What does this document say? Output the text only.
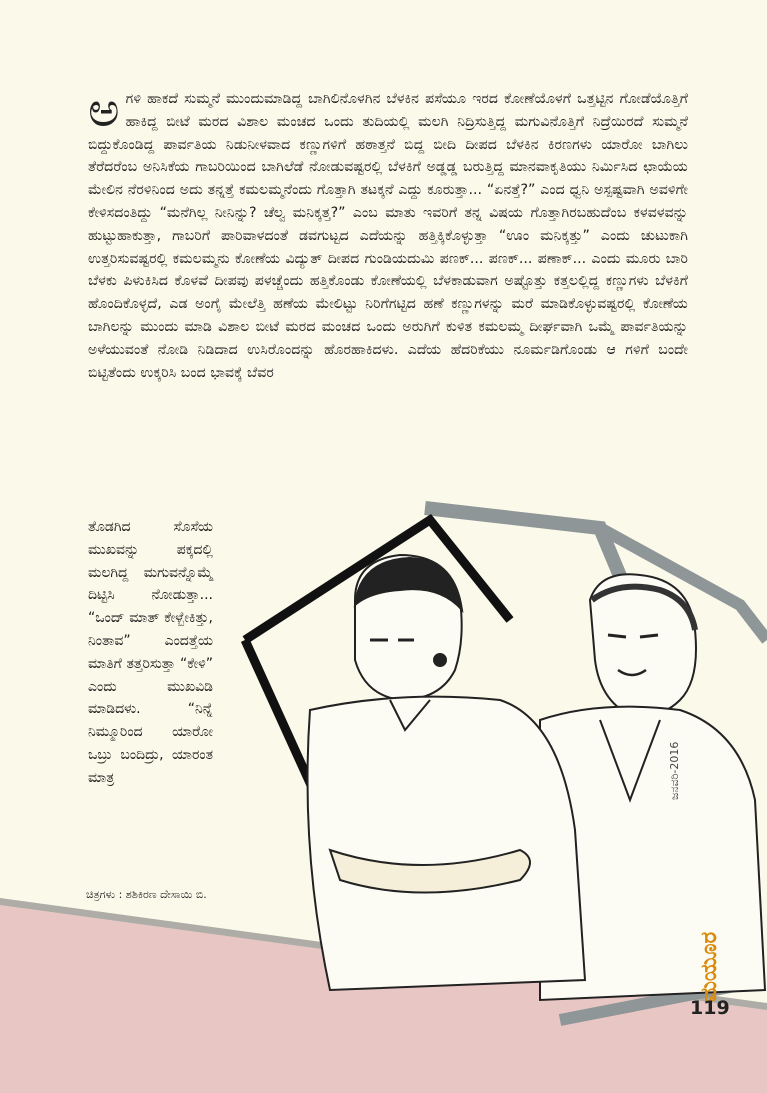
ಅ ಗಳಿ ಹಾಕದೆ ಸುಮ್ಮನೆ ಮುಂದುಮಾಡಿದ್ದ ಬಾಗಿಲಿನೊಳಗಿನ ಬೆಳಕಿನ ಪಸೆಯೂ ಇರದ ಕೋಣೆಯೊಳಗೆ ಒತ್ತಟ್ಟಿನ ಗೋಡೆಯೊತ್ತಿಗೆ ಹಾಕಿದ್ದ ಬೀಟೆ ಮರದ ವಿಶಾಲ ಮಂಚದ ಒಂದು ತುದಿಯಲ್ಲಿ ಮಲಗಿ ನಿದ್ರಿಸುತ್ತಿದ್ದ ಮಗುವಿನೊತ್ತಿಗೆ ನಿದ್ರೆಯಿರದೆ ಸುಮ್ಮನೆ ಬಿದ್ದುಕೊಂಡಿದ್ದ ಪಾರ್ವತಿಯ ನಿಡುನೀಳವಾದ ಕಣ್ಣುಗಳಿಗೆ ಹಠಾತ್ತನೆ ಬಿದ್ದ ಬೀದಿ ದೀಪದ ಬೆಳಕಿನ ಕಿರಣಗಳು ಯಾರೋ ಬಾಗಿಲು ತೆರೆದರೆಂಬ ಅನಿಸಿಕೆಯ ಗಾಬರಿಯಿಂದ ಬಾಗಿಲೆಡೆ ನೋಡುವಷ್ಟರಲ್ಲಿ ಬೆಳಕಿಗೆ ಅಡ್ಡಡ್ಡ ಬರುತ್ತಿದ್ದ ಮಾನವಾಕೃತಿಯು ನಿರ್ಮಿಸಿದ ಛಾಯೆಯ ಮೇಲಿನ ನೆರಳಿನಿಂದ ಅದು ತನ್ನತ್ತೆ ಕಮಲಮ್ಮನೆಂದು ಗೊತ್ತಾಗಿ ತಟಕ್ಕನೆ ಎದ್ದು ಕೂರುತ್ತಾ... “ಏನತ್ತೆ?” ಎಂದ ಧ್ವನಿ ಅಸ್ಪಷ್ಟವಾಗಿ ಅವಳಿಗೇ ಕೇಳಿಸದಂತಿದ್ದು “ಮನೆಗಿಲ್ಲ ನೀನಿನ್ನು? ಚೆಲ್ವ ಮನಿಕ್ಕತ್ತ?” ಎಂಬ ಮಾತು ಇವರಿಗೆ ತನ್ನ ವಿಷಯ ಗೊತ್ತಾಗಿರಬಹುದೆಂಬ ಕಳವಳವನ್ನು ಹುಟ್ಟುಹಾಕುತ್ತಾ, ಗಾಬರಿಗೆ ಪಾರಿವಾಳದಂತೆ ಡವಗುಟ್ಟದ ಎದೆಯನ್ನು ಹತ್ತಿಕ್ಕಿಕೊಳ್ಳುತ್ತಾ “ಊಂ ಮನಿಕ್ಕತ್ತು” ಎಂದು ಚುಟುಕಾಗಿ ಉತ್ತರಿಸುವಷ್ಟರಲ್ಲಿ ಕಮಲಮ್ಮನು ಕೋಣೆಯ ವಿದ್ಯುತ್ ದೀಪದ ಗುಂಡಿಯದುಮಿ ಪಣಕ್... ಪಣಕ್... ಪಣಾಕ್... ಎಂದು ಮೂರು ಬಾರಿ ಬೆಳಕು ಪಿಳುಕಿಸಿದ ಕೊಳವೆ ದೀಪವು ಪಳಚ್ಚೆಂದು ಹತ್ತಿಕೊಂಡು ಕೋಣೆಯಲ್ಲಿ ಬೆಳಕಾಡುವಾಗ ಅಷ್ಟೊತ್ತು ಕತ್ತಲಲ್ಲಿದ್ದ ಕಣ್ಣುಗಳು ಬೆಳಕಿಗೆ ಹೊಂದಿಕೊಳ್ಳದೆ, ಎಡ ಅಂಗೈ ಮೇಲೆತ್ತಿ ಹಣೆಯ ಮೇಲಿಟ್ಟು ನಿರಿಗೆಗಟ್ಟಿದ ಹಣೆ ಕಣ್ಣುಗಳನ್ನು ಮರೆ ಮಾಡಿಕೊಳ್ಳುವಷ್ಟರಲ್ಲಿ ಕೋಣೆಯ ಬಾಗಿಲನ್ನು ಮುಂದು ಮಾಡಿ ವಿಶಾಲ ಬೀಟೆ ಮರದ ಮಂಚದ ಒಂದು ಅರುಗಿಗೆ ಕುಳಿತ ಕಮಲಮ್ಮ ದೀರ್ಘವಾಗಿ ಒಮ್ಮೆ ಪಾರ್ವತಿಯನ್ನು ಅಳೆಯುವಂತೆ ನೋಡಿ ನಿಡಿದಾದ ಉಸಿರೊಂದನ್ನು ಹೊರಹಾಕಿದಳು. ಎದೆಯ ಹೆದರಿಕೆಯು ನೂರ್ಮಡಿಗೊಂಡು ಆ ಗಳಿಗೆ ಬಂದೇ ಬಿಟ್ಟಿತೆಂದು ಉಕ್ಕರಿಸಿ ಬಂದ ಭಾವಕ್ಕೆ ಬೆವರ

ತೊಡಗಿದ ಸೊಸೆಯ ಮುಖವನ್ನು ಪಕ್ಕದಲ್ಲಿ ಮಲಗಿದ್ದ ಮಗುವನ್ನೊಮ್ಮೆ ದಿಟ್ಟಿಸಿ ನೋಡುತ್ತಾ... “ಒಂದ್ ಮಾತ್ ಕೇಳ್ಬೇಕಿತ್ತು, ನಿಂತಾವ” ಎಂದತ್ತೆಯ ಮಾತಿಗೆ ತತ್ತರಿಸುತ್ತಾ “ಕೇಳಿ” ಎಂದು ಮುಖವಿಡಿ ಮಾಡಿದಳು. “ನಿನ್ನೆ ನಿಮ್ಮೂರಿಂದ ಯಾರೋ ಒಬ್ರು ಬಂದಿದ್ರು, ಯಾರಂತ ಮಾತ್ರ

ಚಿತ್ರಗಳು : ಶಶಿಕಿರಣ ದೇಸಾಯಿ ಬಿ.
ಜನವರಿ-2016
ಮಯೂರ
119
